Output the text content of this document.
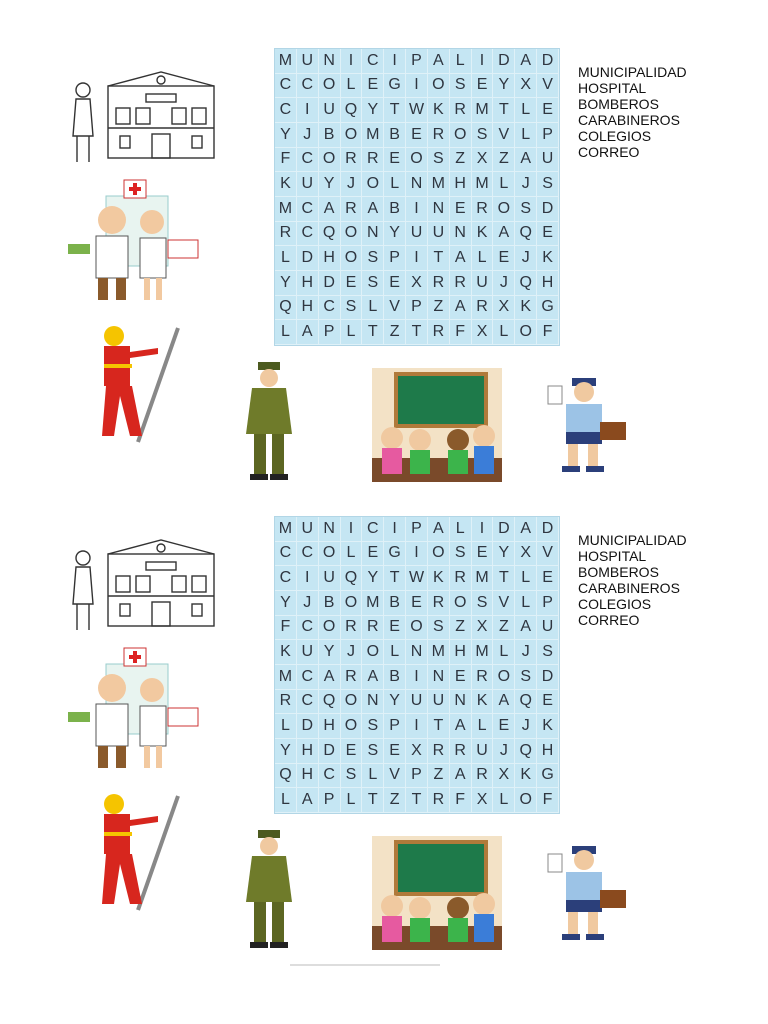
M U N I C I P A L I D A D
C C O L E G I O S E Y X V
C I U Q Y T W K R M T L E
Y J B O M B E R O S V L P
F C O R R E O S Z X Z A U
K U Y J O L N M H M L J S
M C A R A B I N E R O S D
R C Q O N Y U U N K A Q E
L D H O S P I T A L E J K
Y H D E S E X R R U J Q H
Q H C S L V P Z A R X K G
L A P L T Z T R F X L O F
MUNICIPALIDAD
HOSPITAL
BOMBEROS
CARABINEROS
COLEGIOS
CORREO
M U N I C I P A L I D A D
C C O L E G I O S E Y X V
C I U Q Y T W K R M T L E
Y J B O M B E R O S V L P
F C O R R E O S Z X Z A U
K U Y J O L N M H M L J S
M C A R A B I N E R O S D
R C Q O N Y U U N K A Q E
L D H O S P I T A L E J K
Y H D E S E X R R U J Q H
Q H C S L V P Z A R X K G
L A P L T Z T R F X L O F
MUNICIPALIDAD
HOSPITAL
BOMBEROS
CARABINEROS
COLEGIOS
CORREO
